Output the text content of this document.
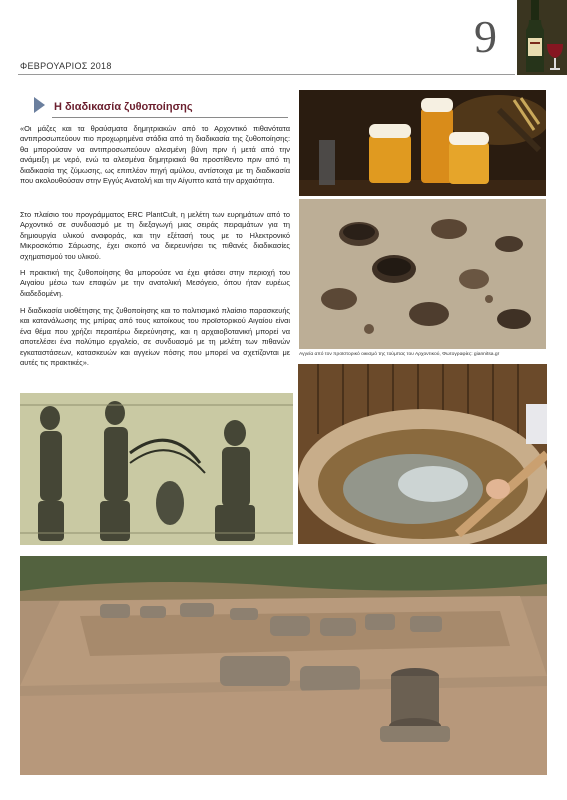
ΦΕΒΡΟΥΑΡΙΟΣ 2018
9
Η διαδικασία ζυθοποίησης
«Οι μάζες και τα θραύσματα δημητριακών από το Αρχοντικό πιθανότατα αντιπροσωπεύουν πιο προχωρημένα στάδια από τη διαδικασία της ζυθοποίησης: θα μπορούσαν να αντιπροσωπεύουν αλεσμένη βύνη πριν ή μετά από την ανάμειξη με νερό, ενώ τα αλεσμένα δημητριακά θα προστίθεντο πριν από τη διαδικασία της ζύμωσης, ως επιπλέον πηγή αμύλου, αντίστοιχα με τη διαδικασία που ακολουθούσαν στην Εγγύς Ανατολή και την Αίγυπτο κατά την αρχαιότητα.
Στο πλαίσιο του προγράμματος ERC PlantCult, η μελέτη των ευρημάτων από το Αρχοντικό σε συνδυασμό με τη διεξαγωγή μιας σειράς πειραμάτων για τη δημιουργία υλικού αναφοράς, και την εξέτασή τους με το Ηλεκτρονικό Μικροσκόπιο Σάρωσης, έχει σκοπό να διερευνήσει τις πιθανές διαδικασίες σχηματισμού του υλικού.
Η πρακτική της ζυθοποίησης θα μπορούσε να έχει φτάσει στην περιοχή του Αιγαίου μέσω των επαφών με την ανατολική Μεσόγειο, όπου ήταν ευρέως διαδεδομένη.
Η διαδικασία υιοθέτησης της ζυθοποίησης και το πολιτισμικό πλαίσιο παρασκευής και κατανάλωσης της μπίρας από τους κατοίκους του προϊστορικού Αιγαίου είναι ένα θέμα που χρήζει περαιτέρω διερεύνησης, και η αρχαιοβοτανική μπορεί να αποτελέσει ένα πολύτιμο εργαλείο, σε συνδυασμό με τη μελέτη των πιθανών εγκαταστάσεων, κατασκευών και αγγείων πόσης που μπορεί να σχετίζονται με αυτές τις πρακτικές».
Αγγεία από τον προϊστορικό οικισμό της τούμπας του Αρχοντικού, Φωτογραφίες: giannitsa.gr
